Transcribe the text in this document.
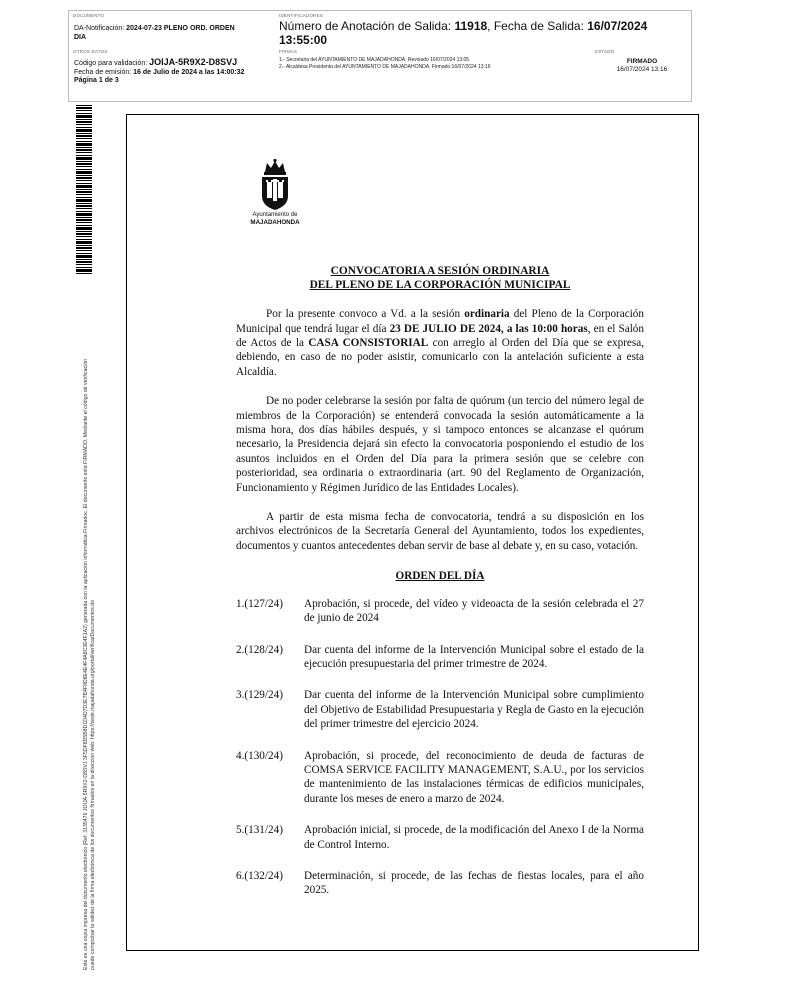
DOCUMENTO
DA-Notificación: 2024-07-23 PLENO ORD. ORDEN
DIA
IDENTIFICADORES
Número de Anotación de Salida: 11918, Fecha de Salida: 16/07/2024
13:55:00
OTROS DATOS
Código para validación: JOIJA-5R9X2-D8SVJ
Fecha de emisión: 16 de Julio de 2024 a las 14:00:32
Página 1 de 3
FIRMAS
1.- Secretaria del AYUNTAMIENTO DE MAJADAHONDA. Revisado 16/07/2024 13:05
2.- Alcaldesa Presidenta del AYUNTAMIENTO DE MAJADAHONDA. Firmado 16/07/2024 13:16
ESTADO
FIRMADO
16/07/2024 13:16
Este es una copia impresa del documento electrónico (Ref: 3135476 JOIJA-5R9X2-D8SVJ 3F5DF8D5B8D1D4D7D3E7B4F9D8E4E4F4A8C3E4F1A2) generada con la aplicación informática Firmadoc. El documento está FIRMADO. Mediante el código de verificación puede comprobar la validez de la firma electrónica de los documentos firmados en la dirección web: https://sede.majadahonda.org/portal/verificarDocumentos.do
Ayuntamiento de
MAJADAHONDA
CONVOCATORIA A SESIÓN ORDINARIA
DEL PLENO DE LA CORPORACIÓN MUNICIPAL

Por la presente convoco a Vd. a la sesión ordinaria del Pleno de la Corporación Municipal que tendrá lugar el día 23 DE JULIO DE 2024, a las 10:00 horas, en el Salón de Actos de la CASA CONSISTORIAL con arreglo al Orden del Día que se expresa, debiendo, en caso de no poder asistir, comunicarlo con la antelación suficiente a esta Alcaldía.

De no poder celebrarse la sesión por falta de quórum (un tercio del número legal de miembros de la Corporación) se entenderá convocada la sesión automáticamente a la misma hora, dos días hábiles después, y si tampoco entonces se alcanzase el quórum necesario, la Presidencia dejará sin efecto la convocatoria posponiendo el estudio de los asuntos incluidos en el Orden del Día para la primera sesión que se celebre con posterioridad, sea ordinaria o extraordinaria (art. 90 del Reglamento de Organización, Funcionamiento y Régimen Jurídico de las Entidades Locales).

A partir de esta misma fecha de convocatoria, tendrá a su disposición en los archivos electrónicos de la Secretaría General del Ayuntamiento, todos los expedientes, documentos y cuantos antecedentes deban servir de base al debate y, en su caso, votación.

ORDEN DEL DÍA
1.(127/24)	Aprobación, si procede, del vídeo y videoacta de la sesión celebrada el 27 de junio de 2024
2.(128/24)	Dar cuenta del informe de la Intervención Municipal sobre el estado de la ejecución presupuestaria del primer trimestre de 2024.
3.(129/24)	Dar cuenta del informe de la Intervención Municipal sobre cumplimiento del Objetivo de Estabilidad Presupuestaria y Regla de Gasto en la ejecución del primer trimestre del ejercicio 2024.
4.(130/24)	Aprobación, si procede, del reconocimiento de deuda de facturas de COMSA SERVICE FACILITY MANAGEMENT, S.A.U., por los servicios de mantenimiento de las instalaciones térmicas de edificios municipales, durante los meses de enero a marzo de 2024.
5.(131/24)	Aprobación inicial, si procede, de la modificación del Anexo I de la Norma de Control Interno.
6.(132/24)	Determinación, si procede, de las fechas de fiestas locales, para el año 2025.
